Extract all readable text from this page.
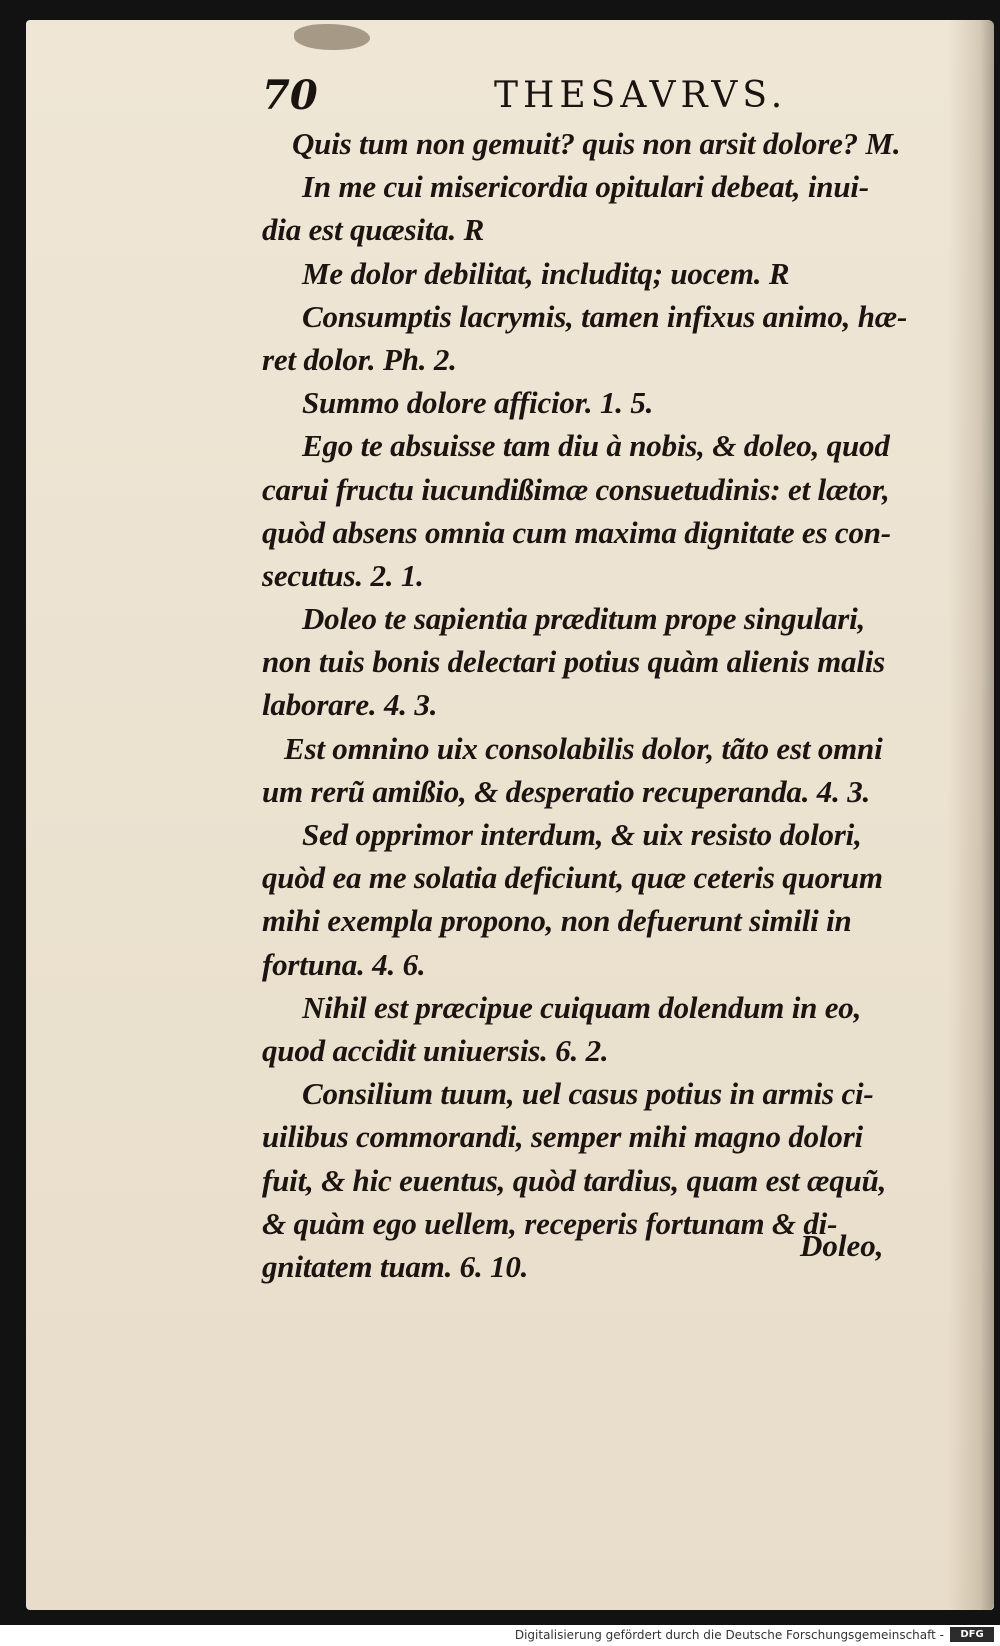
70	THESAVRVS.
Quis tum non gemuit? quis non arsit dolore? M.
In me cui misericordia opitulari debeat, inui-
dia est quæsita. R
Me dolor debilitat, includitq; uocem. R
Consumptis lacrymis, tamen infixus animo, hæ-
ret dolor. Ph. 2.
Summo dolore afficior. 1. 5.
Ego te absuisse tam diu à nobis, & doleo, quod
carui fructu iucundißimæ consuetudinis: et lætor,
quòd absens omnia cum maxima dignitate es con-
secutus. 2. 1.
Doleo te sapientia præditum prope singulari,
non tuis bonis delectari potius quàm alienis malis
laborare. 4. 3.
Est omnino uix consolabilis dolor, tãto est omni
um rerũ amißio, & desperatio recuperanda. 4. 3.
Sed opprimor interdum, & uix resisto dolori,
quòd ea me solatia deficiunt, quæ ceteris quorum
mihi exempla propono, non defuerunt simili in
fortuna. 4. 6.
Nihil est præcipue cuiquam dolendum in eo,
quod accidit uniuersis. 6. 2.
Consilium tuum, uel casus potius in armis ci-
uilibus commorandi, semper mihi magno dolori
fuit, & hic euentus, quòd tardius, quam est æquũ,
& quàm ego uellem, receperis fortunam & di-
gnitatem tuam. 6. 10.
Doleo,
Digitalisierung gefördert durch die Deutsche Forschungsgemeinschaft -	DFG
